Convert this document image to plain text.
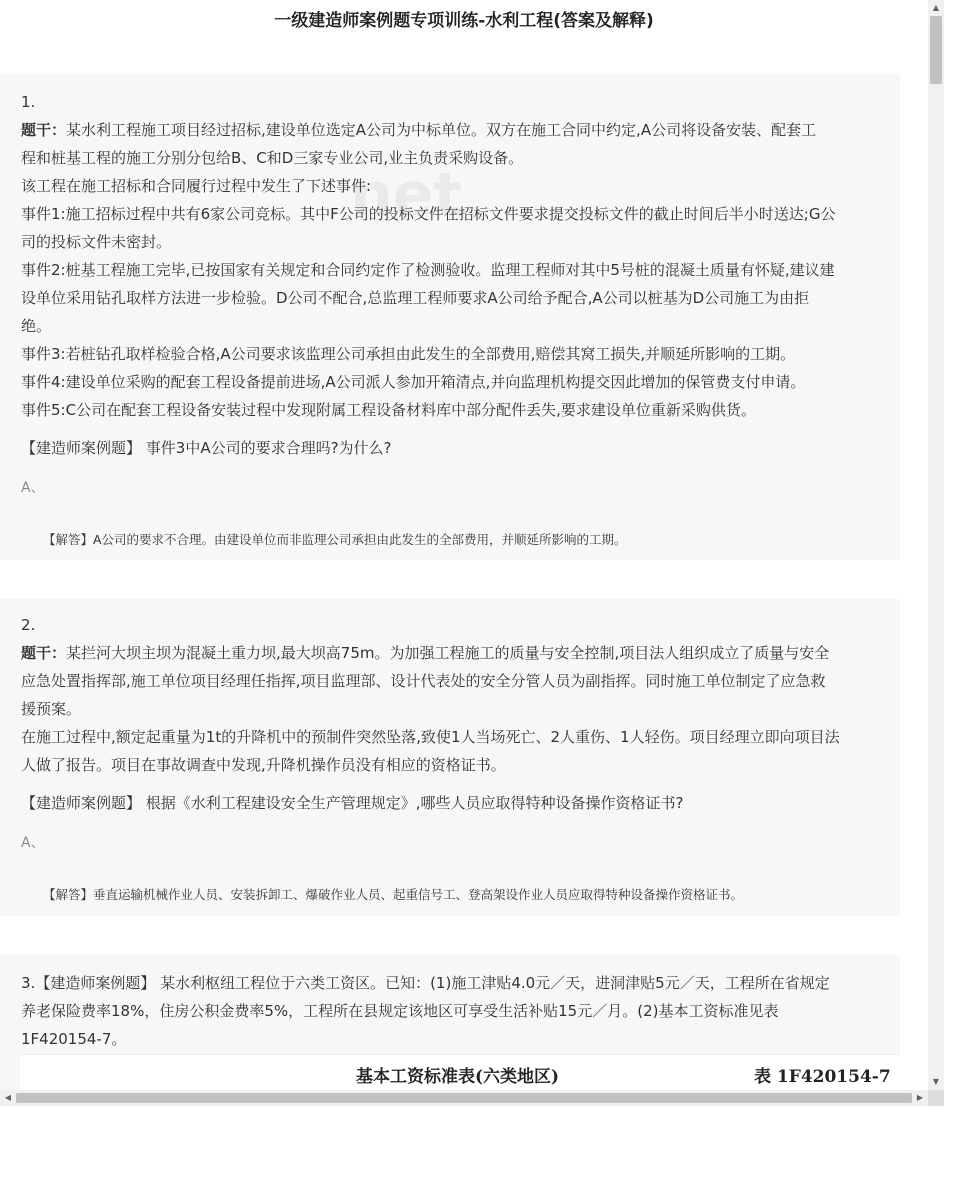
一级建造师案例题专项训练-水利工程(答案及解释)
1.
题干：某水利工程施工项目经过招标,建设单位选定A公司为中标单位。双方在施工合同中约定,A公司将设备安装、配套工
程和桩基工程的施工分别分包给B、C和D三家专业公司,业主负责采购设备。
该工程在施工招标和合同履行过程中发生了下述事件:
事件1:施工招标过程中共有6家公司竞标。其中F公司的投标文件在招标文件要求提交投标文件的截止时间后半小时送达;G公
司的投标文件未密封。
事件2:桩基工程施工完毕,已按国家有关规定和合同约定作了检测验收。监理工程师对其中5号桩的混凝土质量有怀疑,建议建
设单位采用钻孔取样方法进一步检验。D公司不配合,总监理工程师要求A公司给予配合,A公司以桩基为D公司施工为由拒
绝。
事件3:若桩钻孔取样检验合格,A公司要求该监理公司承担由此发生的全部费用,赔偿其窝工损失,并顺延所影响的工期。
事件4:建设单位采购的配套工程设备提前进场,A公司派人参加开箱清点,并向监理机构提交因此增加的保管费支付申请。
事件5:C公司在配套工程设备安装过程中发现附属工程设备材料库中部分配件丢失,要求建设单位重新采购供货。
【建造师案例题】 事件3中A公司的要求合理吗?为什么?
A、
【解答】A公司的要求不合理。由建设单位而非监理公司承担由此发生的全部费用，并顺延所影响的工期。
2.
题干：某拦河大坝主坝为混凝土重力坝,最大坝高75m。为加强工程施工的质量与安全控制,项目法人组织成立了质量与安全
应急处置指挥部,施工单位项目经理任指挥,项目监理部、设计代表处的安全分管人员为副指挥。同时施工单位制定了应急救
援预案。
在施工过程中,额定起重量为1t的升降机中的预制件突然坠落,致使1人当场死亡、2人重伤、1人轻伤。项目经理立即向项目法
人做了报告。项目在事故调查中发现,升降机操作员没有相应的资格证书。
【建造师案例题】 根据《水利工程建设安全生产管理规定》,哪些人员应取得特种设备操作资格证书?
A、
【解答】垂直运输机械作业人员、安装拆卸工、爆破作业人员、起重信号工、登高架设作业人员应取得特种设备操作资格证书。
3.【建造师案例题】 某水利枢纽工程位于六类工资区。已知：(1)施工津贴4.0元／天，进洞津贴5元／天，工程所在省规定
养老保险费率18%，住房公积金费率5%，工程所在县规定该地区可享受生活补贴15元／月。(2)基本工资标准见表
1F420154-7。
基本工资标准表(六类地区)	表 1F420154-7
net
▲
▼
◀	▶
